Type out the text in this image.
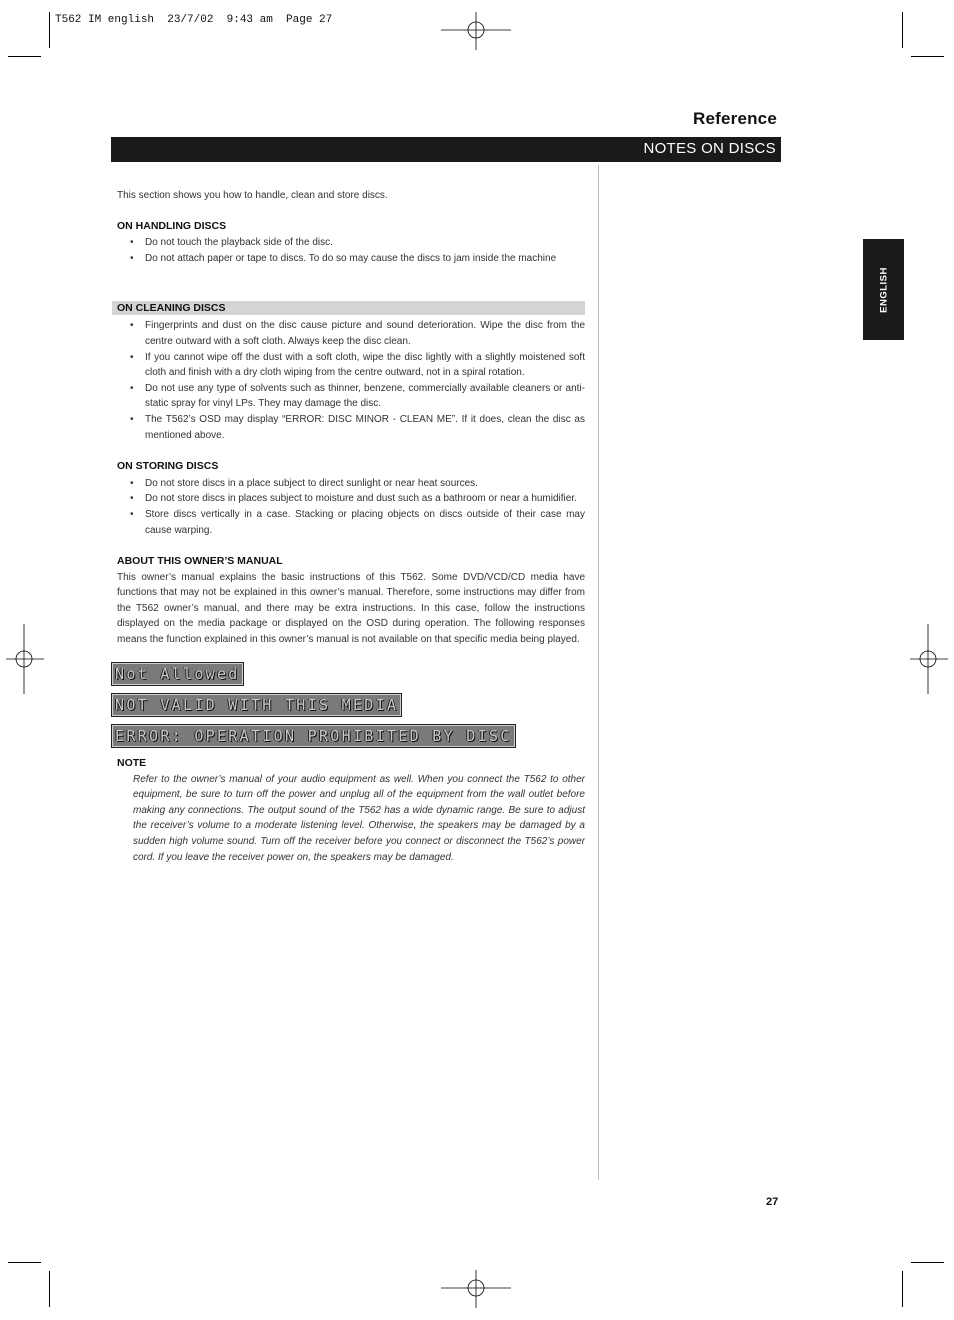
T562 IM english  23/7/02  9:43 am  Page 27
Reference
NOTES ON DISCS
ENGLISH

This section shows you how to handle, clean and store discs.

ON HANDLING DISCS

• Do not touch the playback side of the disc.
• Do not attach paper or tape to discs. To do so may cause the discs to jam inside the machine

ON CLEANING DISCS

• Fingerprints and dust on the disc cause picture and sound deterioration. Wipe the disc from the centre outward with a soft cloth. Always keep the disc clean.
• If you cannot wipe off the dust with a soft cloth, wipe the disc lightly with a slightly moistened soft cloth and finish with a dry cloth wiping from the centre outward, not in a spiral rotation.
• Do not use any type of solvents such as thinner, benzene, commercially available cleaners or anti-static spray for vinyl LPs. They may damage the disc.
• The T562’s OSD may display “ERROR: DISC MINOR - CLEAN ME”. If it does, clean the disc as mentioned above.

ON STORING DISCS

• Do not store discs in a place subject to direct sunlight or near heat sources.
• Do not store discs in places subject to moisture and dust such as a bathroom or near a humidifier.
• Store discs vertically in a case. Stacking or placing objects on discs outside of their case may cause warping.

ABOUT THIS OWNER’S MANUAL

This owner’s manual explains the basic instructions of this T562. Some DVD/VCD/CD media have functions that may not be explained in this owner’s manual. Therefore, some instructions may differ from the T562 owner’s manual, and there may be extra instructions. In this case, follow the instructions displayed on the media package or displayed on the OSD during operation. The following responses means the function explained in this owner’s manual is not available on that specific media being played.

Not Allowed
NOT VALID WITH THIS MEDIA
ERROR: OPERATION PROHIBITED BY DISC

NOTE

Refer to the owner’s manual of your audio equipment as well. When you connect the T562 to other equipment, be sure to turn off the power and unplug all of the equipment from the wall outlet before making any connections. The output sound of the T562 has a wide dynamic range. Be sure to adjust the receiver’s volume to a moderate listening level. Otherwise, the speakers may be damaged by a sudden high volume sound. Turn off the receiver before you connect or disconnect the T562’s power cord. If you leave the receiver power on, the speakers may be damaged.

27
